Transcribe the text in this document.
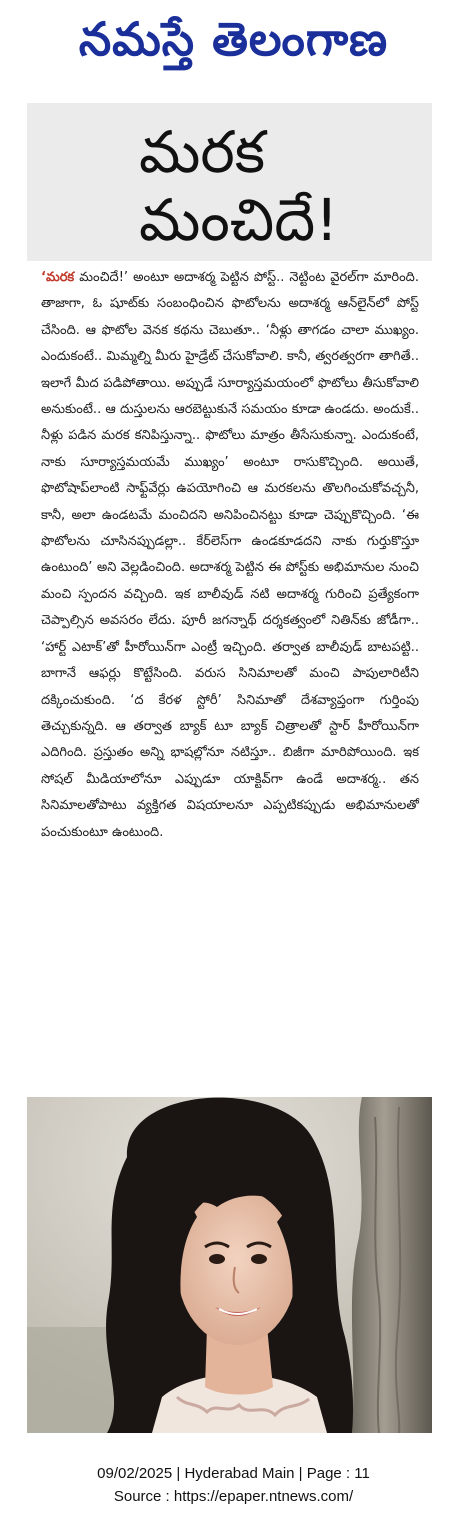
నమస్తే తెలంగాణ
మరక
మంచిదే!
‘మరక మంచిదే!’ అంటూ అదాశర్మ పెట్టిన పోస్ట్.. నెట్టింట వైరల్‌గా మారింది. తాజాగా, ఓ షూట్‌కు సంబంధించిన ఫొటోలను అదాశర్మ ఆన్‌లైన్‌లో పోస్ట్ చేసింది. ఆ ఫొటోల వెనక కథను చెబుతూ.. ‘నీళ్లు తాగడం చాలా ముఖ్యం. ఎందుకంటే.. మిమ్మల్ని మీరు హైడ్రేట్ చేసుకోవాలి. కానీ, త్వరత్వరగా తాగితే.. ఇలాగే మీద పడిపోతాయి. అప్పుడే సూర్యాస్తమయంలో ఫొటోలు తీసుకోవాలి అనుకుంటే.. ఆ దుస్తులను ఆరబెట్టుకునే సమయం కూడా ఉండదు. అందుకే.. నీళ్లు పడిన మరక కనిపిస్తున్నా.. ఫొటోలు మాత్రం తీసేసుకున్నా. ఎందుకంటే, నాకు సూర్యాస్తమయమే ముఖ్యం’ అంటూ రాసుకొచ్చింది. అయితే, ఫొటోషాప్‌లాంటి సాఫ్ట్‌వేర్లు ఉపయోగించి ఆ మరకలను తొలగించుకోవచ్చనీ, కానీ, అలా ఉండటమే మంచిదని అనిపించినట్టు కూడా చెప్పుకొచ్చింది. ‘ఈ ఫొటోలను చూసినప్పుడల్లా.. కేర్‌లెస్‌గా ఉండకూడదని నాకు గుర్తుకొస్తూ ఉంటుంది’ అని వెల్లడించింది. అదాశర్మ పెట్టిన ఈ పోస్ట్‌కు అభిమానుల నుంచి మంచి స్పందన వచ్చింది. ఇక బాలీవుడ్ నటి అదాశర్మ గురించి ప్రత్యేకంగా చెప్పాల్సిన అవసరం లేదు. పూరీ జగన్నాథ్ దర్శకత్వంలో నితిన్‌కు జోడీగా.. ‘హార్ట్ ఎటాక్’తో హీరోయిన్‌గా ఎంట్రీ ఇచ్చింది. తర్వాత బాలీవుడ్ బాటపట్టి.. బాగానే ఆఫర్లు కొట్టేసింది. వరుస సినిమాలతో మంచి పాపులారిటీని దక్కించుకుంది. ‘ద కేరళ స్టోరీ’ సినిమాతో దేశవ్యాప్తంగా గుర్తింపు తెచ్చుకున్నది. ఆ తర్వాత బ్యాక్ టూ బ్యాక్ చిత్రాలతో స్టార్ హీరోయిన్‌గా ఎదిగింది. ప్రస్తుతం అన్ని భాషల్లోనూ నటిస్తూ.. బిజీగా మారిపోయింది. ఇక సోషల్ మీడియాలోనూ ఎప్పుడూ యాక్టివ్‌గా ఉండే అదాశర్మ.. తన సినిమాలతోపాటు వ్యక్తిగత విషయాలనూ ఎప్పటికప్పుడు అభిమానులతో పంచుకుంటూ ఉంటుంది.
09/02/2025 | Hyderabad Main | Page : 11
Source : https://epaper.ntnews.com/
